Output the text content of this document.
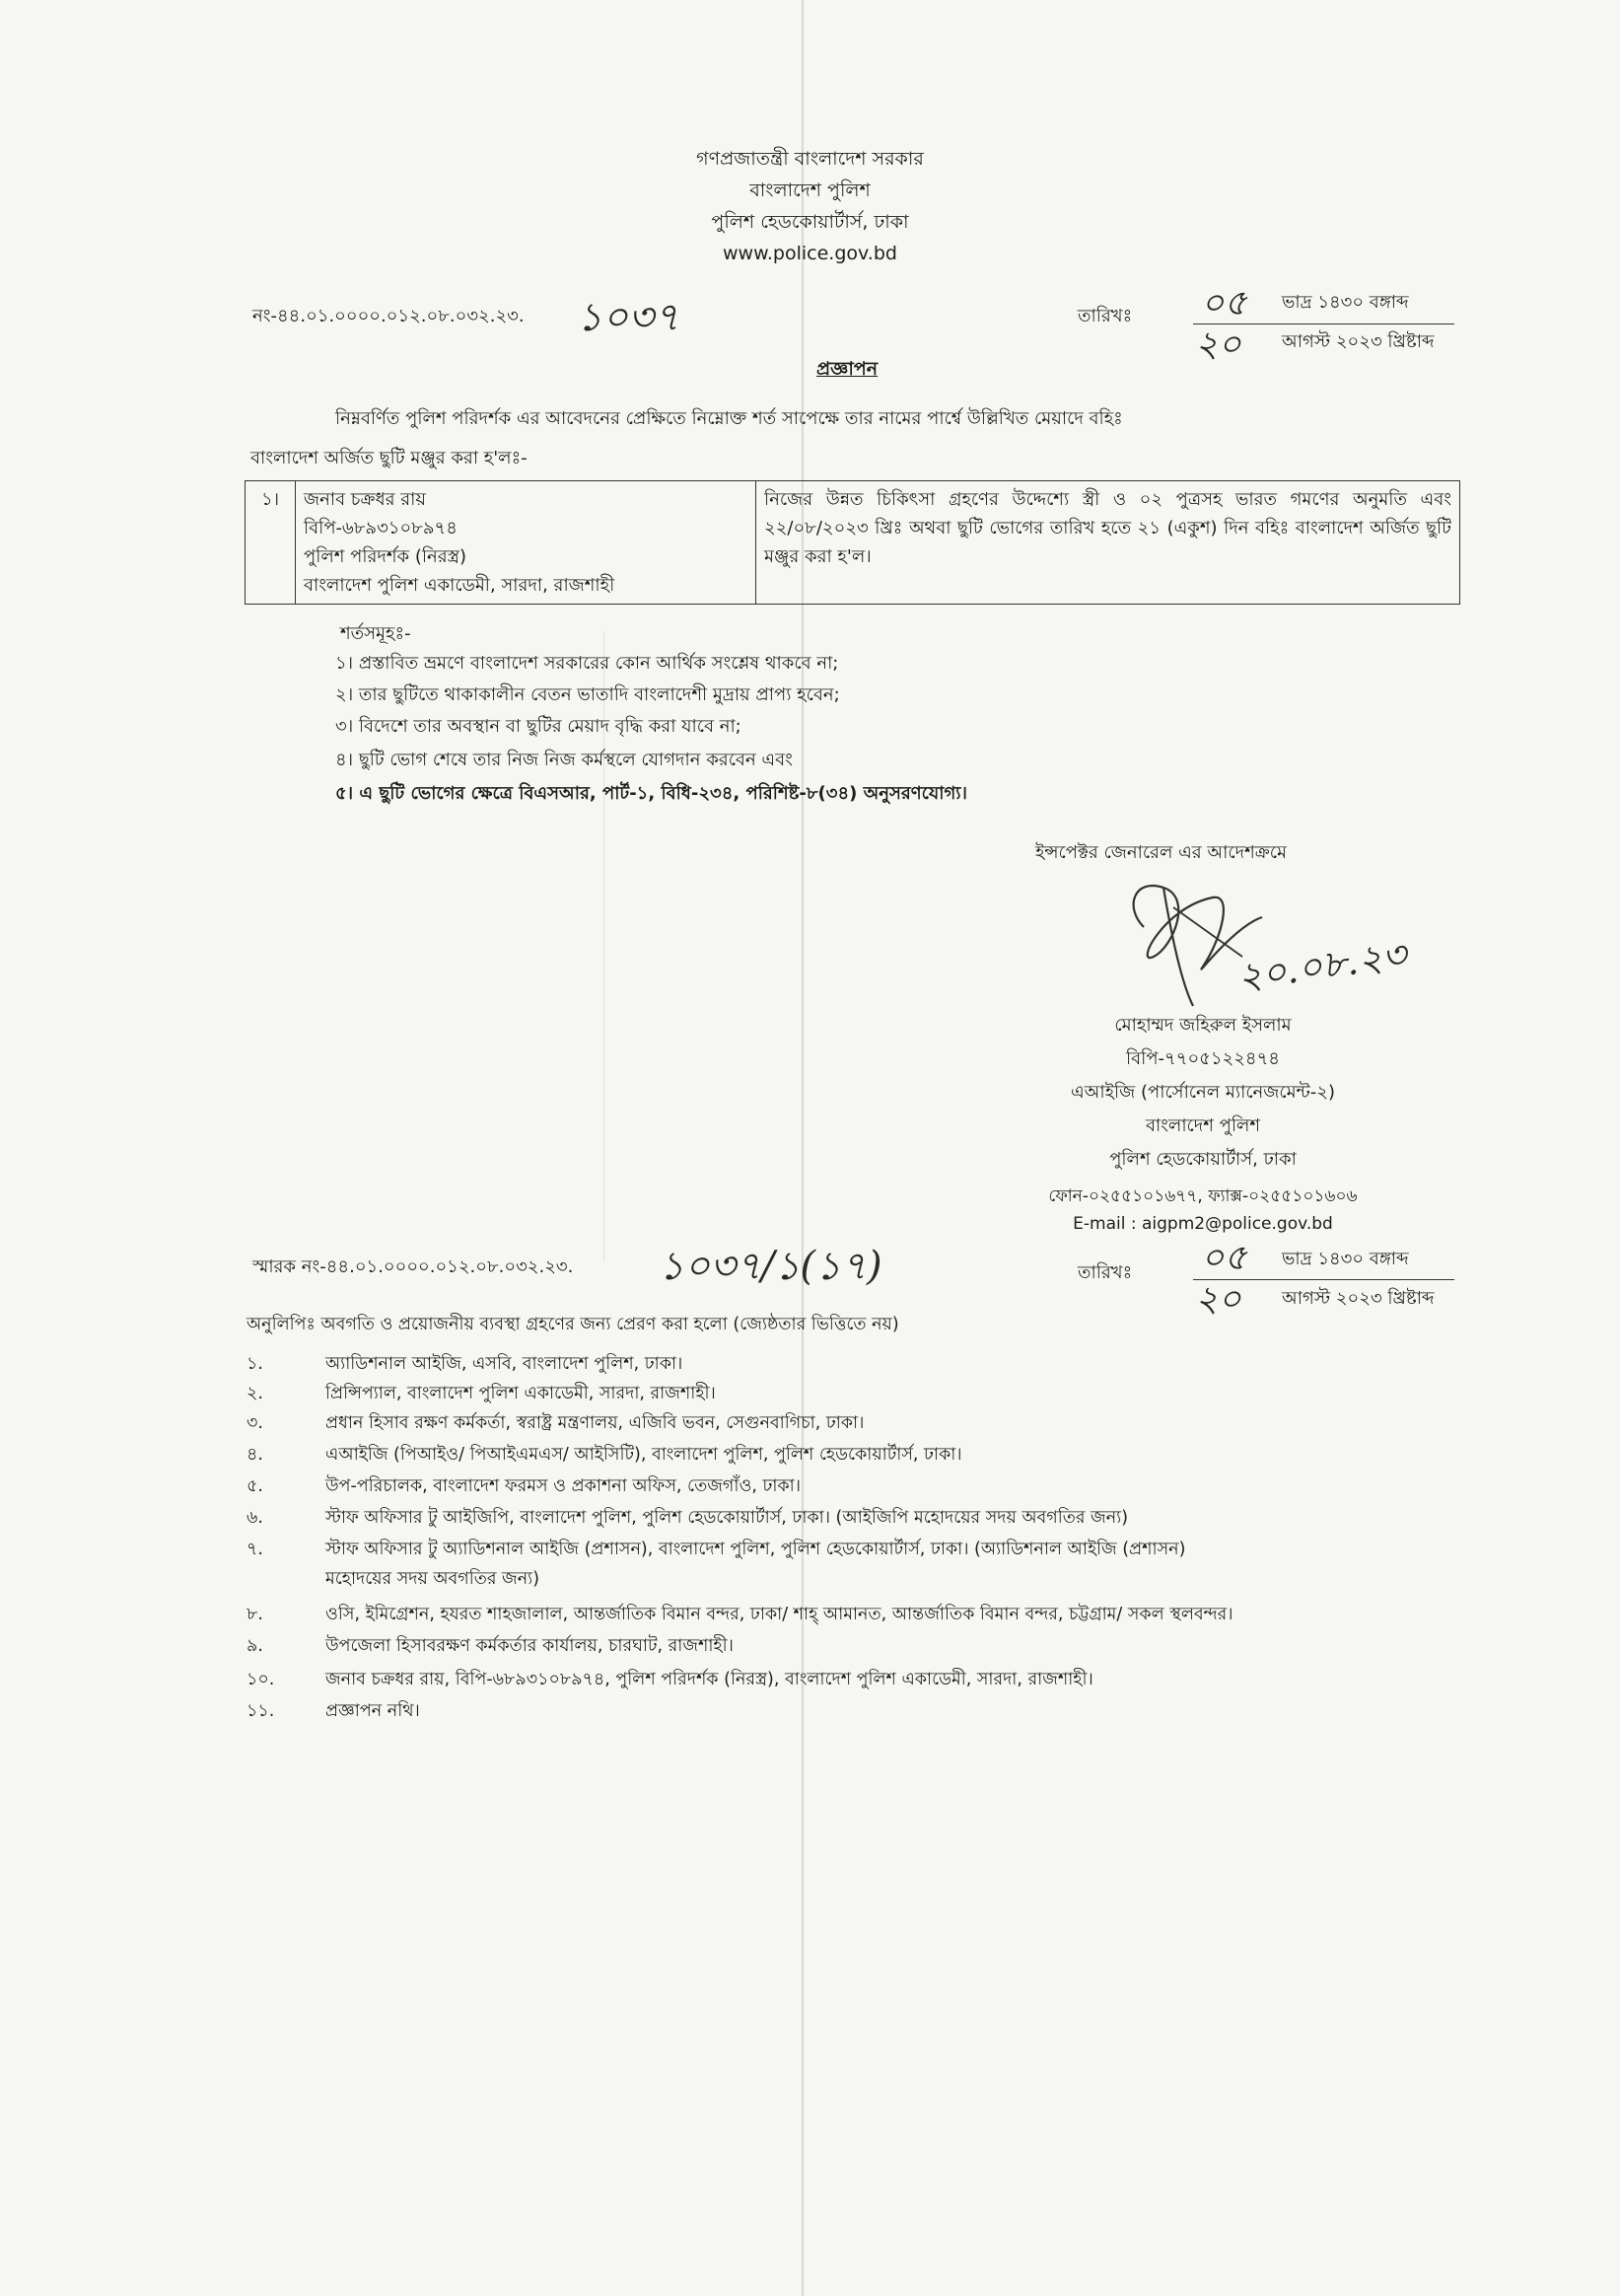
গণপ্রজাতন্ত্রী বাংলাদেশ সরকার
বাংলাদেশ পুলিশ
পুলিশ হেডকোয়ার্টার্স, ঢাকা
www.police.gov.bd
নং-৪৪.০১.০০০০.০১২.০৮.০৩২.২৩. ১০৩৭	তারিখঃ ০৫ ভাদ্র ১৪৩০ বঙ্গাব্দ
২০ আগস্ট ২০২৩ খ্রিষ্টাব্দ
প্রজ্ঞাপন
নিম্নবর্ণিত পুলিশ পরিদর্শক এর আবেদনের প্রেক্ষিতে নিম্নোক্ত শর্ত সাপেক্ষে তার নামের পার্শ্বে উল্লিখিত মেয়াদে বহিঃ
বাংলাদেশ অর্জিত ছুটি মঞ্জুর করা হ'লঃ-
১।	জনাব চক্রধর রায়
বিপি-৬৮৯৩১০৮৯৭৪
পুলিশ পরিদর্শক (নিরস্ত্র)
বাংলাদেশ পুলিশ একাডেমী, সারদা, রাজশাহী
	নিজের উন্নত চিকিৎসা গ্রহণের উদ্দেশ্যে স্ত্রী ও ০২ পুত্রসহ ভারত গমণের অনুমতি এবং ২২/০৮/২০২৩ খ্রিঃ অথবা ছুটি ভোগের তারিখ হতে ২১ (একুশ) দিন বহিঃ বাংলাদেশ অর্জিত ছুটি মঞ্জুর করা হ'ল।
শর্তসমূহঃ-
১। প্রস্তাবিত ভ্রমণে বাংলাদেশ সরকারের কোন আর্থিক সংশ্লেষ থাকবে না;
২। তার ছুটিতে থাকাকালীন বেতন ভাতাদি বাংলাদেশী মুদ্রায় প্রাপ্য হবেন;
৩। বিদেশে তার অবস্থান বা ছুটির মেয়াদ বৃদ্ধি করা যাবে না;
৪। ছুটি ভোগ শেষে তার নিজ নিজ কর্মস্থলে যোগদান করবেন এবং
৫। এ ছুটি ভোগের ক্ষেত্রে বিএসআর, পার্ট-১, বিধি-২৩৪, পরিশিষ্ট-৮(৩৪) অনুসরণযোগ্য।
ইন্সপেক্টর জেনারেল এর আদেশক্রমে
২০.০৮.২৩
মোহাম্মদ জহিরুল ইসলাম
বিপি-৭৭০৫১২২৪৭৪
এআইজি (পার্সোনেল ম্যানেজমেন্ট-২)
বাংলাদেশ পুলিশ
পুলিশ হেডকোয়ার্টার্স, ঢাকা
ফোন-০২৫৫১০১৬৭৭, ফ্যাক্স-০২৫৫১০১৬০৬
E-mail : aigpm2@police.gov.bd
স্মারক নং-৪৪.০১.০০০০.০১২.০৮.০৩২.২৩. ১০৩৭/১(১৭)	তারিখঃ ০৫ ভাদ্র ১৪৩০ বঙ্গাব্দ
২০ আগস্ট ২০২৩ খ্রিষ্টাব্দ
অনুলিপিঃ অবগতি ও প্রয়োজনীয় ব্যবস্থা গ্রহণের জন্য প্রেরণ করা হলো (জ্যেষ্ঠতার ভিত্তিতে নয়)
১.	অ্যাডিশনাল আইজি, এসবি, বাংলাদেশ পুলিশ, ঢাকা।
২.	প্রিন্সিপ্যাল, বাংলাদেশ পুলিশ একাডেমী, সারদা, রাজশাহী।
৩.	প্রধান হিসাব রক্ষণ কর্মকর্তা, স্বরাষ্ট্র মন্ত্রণালয়, এজিবি ভবন, সেগুনবাগিচা, ঢাকা।
৪.	এআইজি (পিআইও/ পিআইএমএস/ আইসিটি), বাংলাদেশ পুলিশ, পুলিশ হেডকোয়ার্টার্স, ঢাকা।
৫.	উপ-পরিচালক, বাংলাদেশ ফরমস ও প্রকাশনা অফিস, তেজগাঁও, ঢাকা।
৬.	স্টাফ অফিসার টু আইজিপি, বাংলাদেশ পুলিশ, পুলিশ হেডকোয়ার্টার্স, ঢাকা। (আইজিপি মহোদয়ের সদয় অবগতির জন্য)
৭.	স্টাফ অফিসার টু অ্যাডিশনাল আইজি (প্রশাসন), বাংলাদেশ পুলিশ, পুলিশ হেডকোয়ার্টার্স, ঢাকা। (অ্যাডিশনাল আইজি (প্রশাসন)
মহোদয়ের সদয় অবগতির জন্য)
৮.	ওসি, ইমিগ্রেশন, হযরত শাহজালাল, আন্তর্জাতিক বিমান বন্দর, ঢাকা/ শাহ্ আমানত, আন্তর্জাতিক বিমান বন্দর, চট্টগ্রাম/ সকল স্থলবন্দর।
৯.	উপজেলা হিসাবরক্ষণ কর্মকর্তার কার্যালয়, চারঘাট, রাজশাহী।
১০.	জনাব চক্রধর রায়, বিপি-৬৮৯৩১০৮৯৭৪, পুলিশ পরিদর্শক (নিরস্ত্র), বাংলাদেশ পুলিশ একাডেমী, সারদা, রাজশাহী।
১১.	প্রজ্ঞাপন নথি।
